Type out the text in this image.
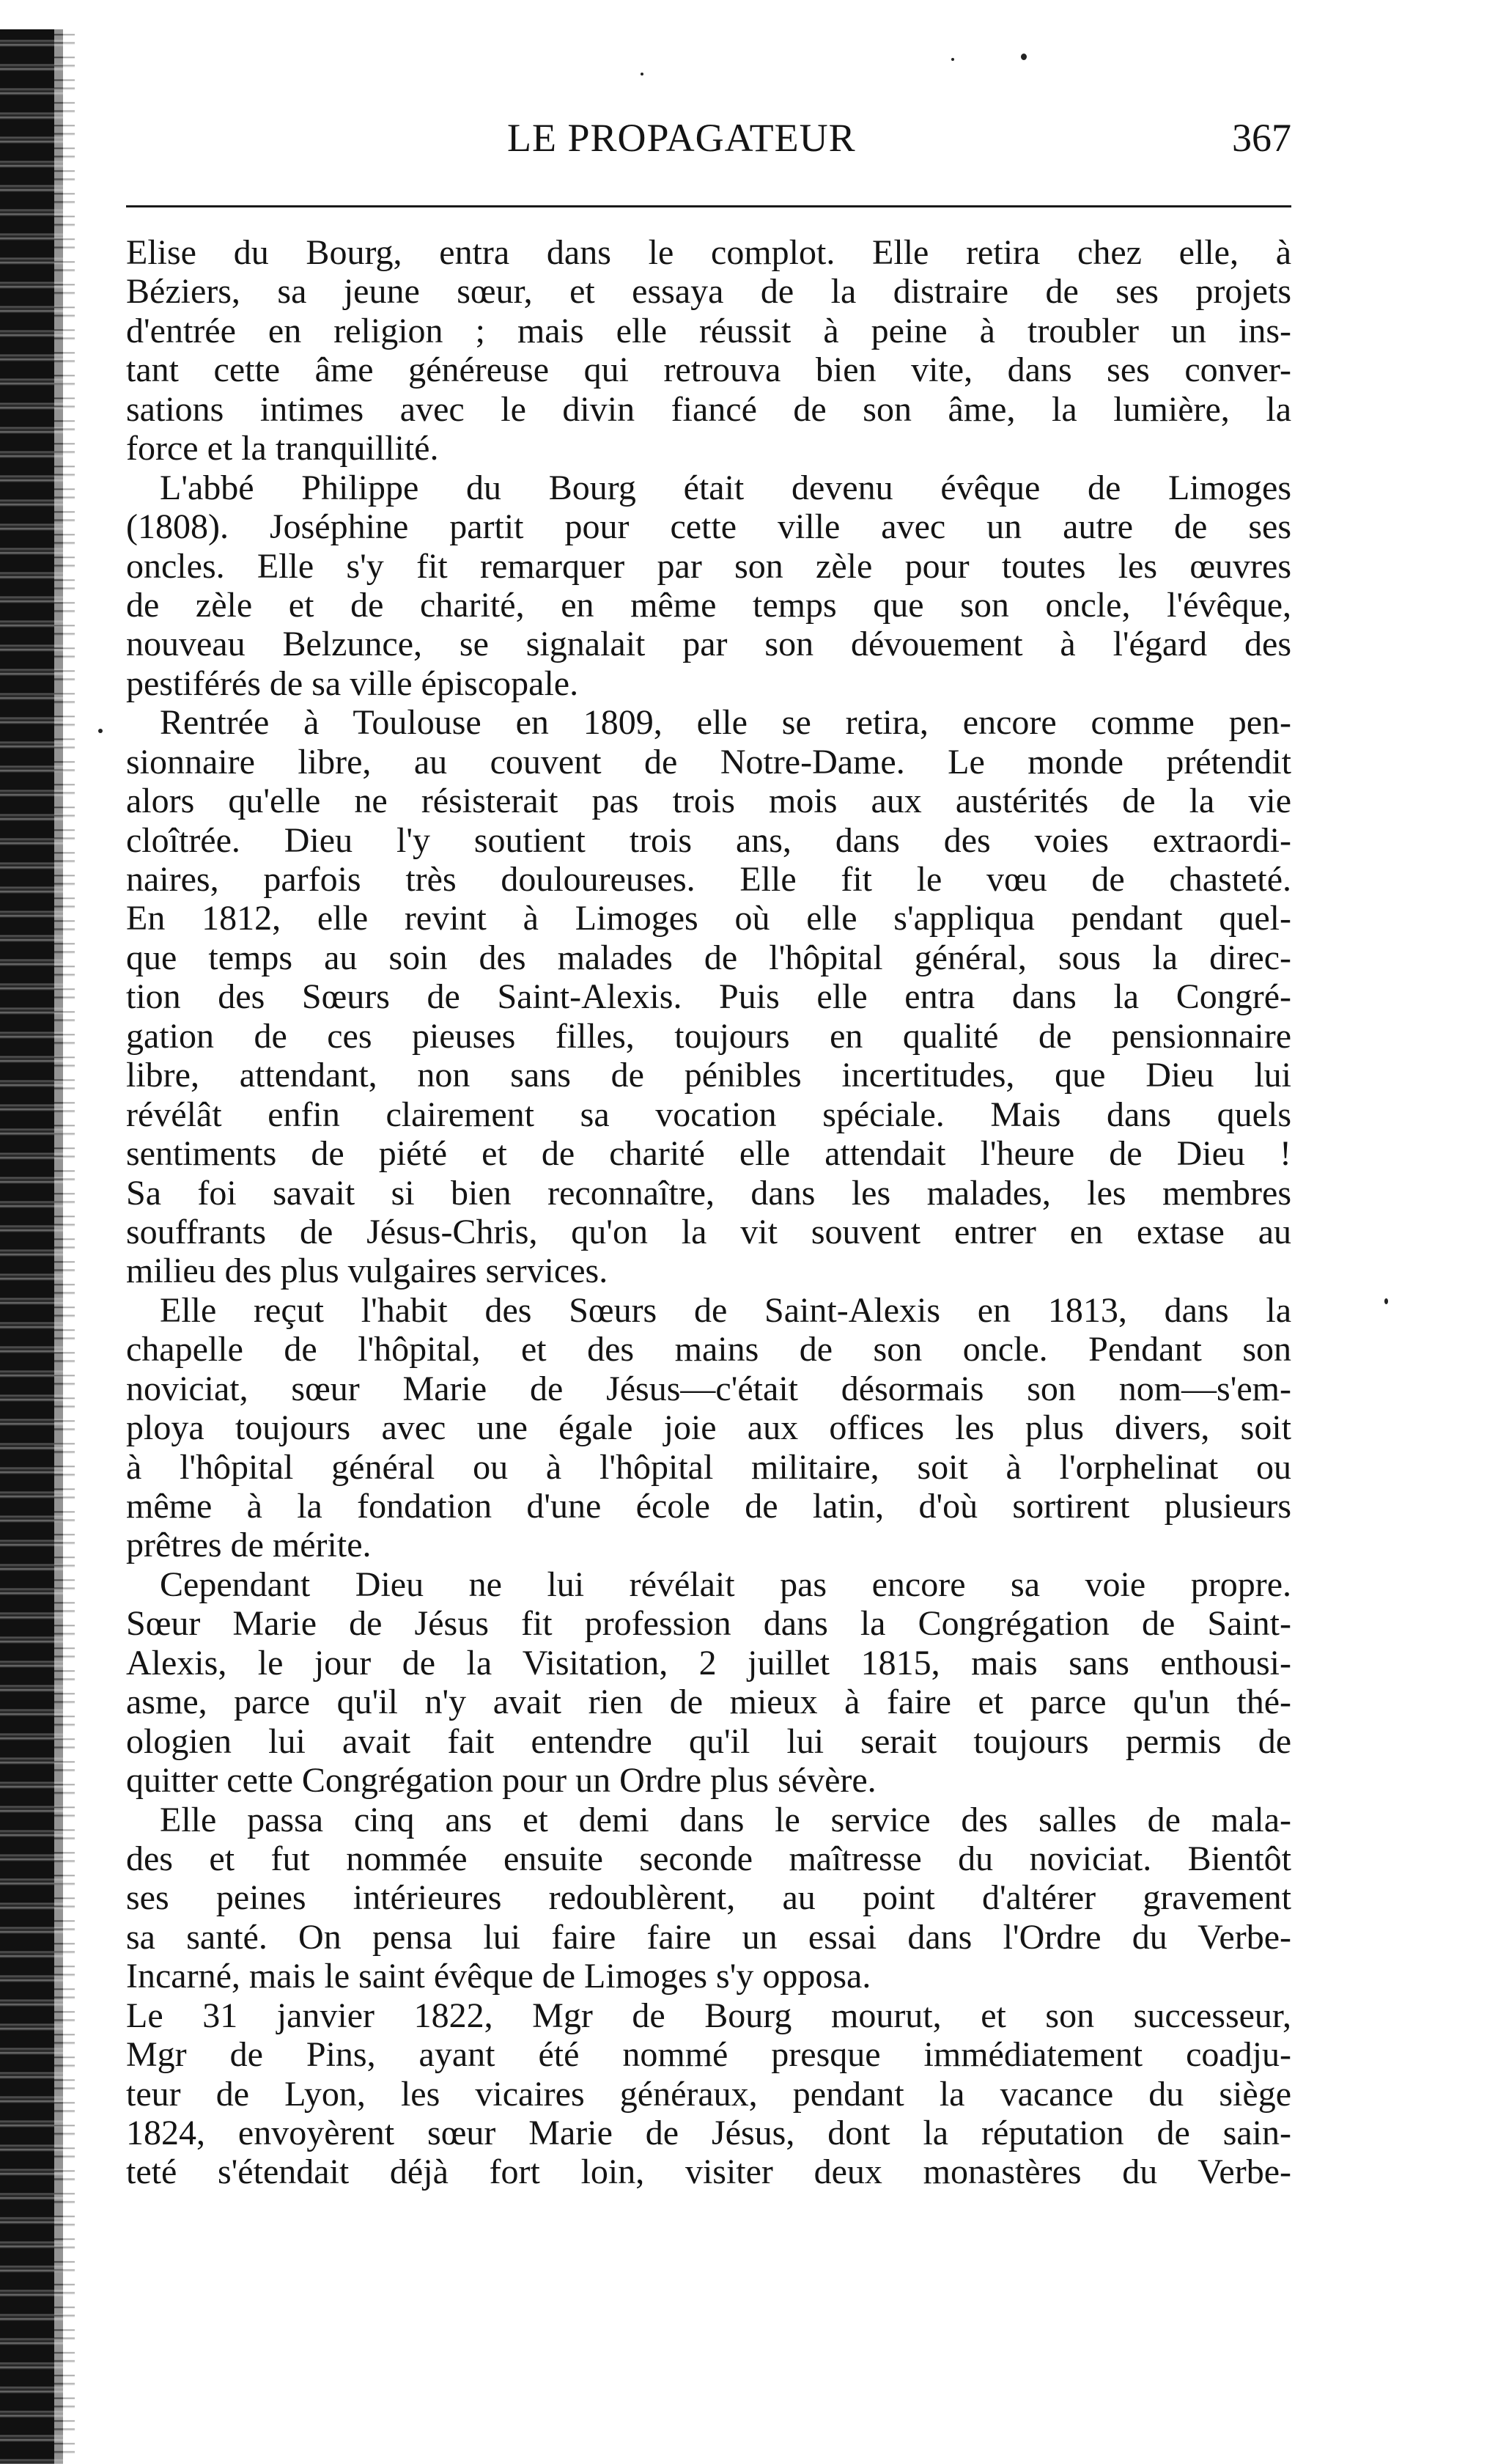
LE PROPAGATEUR	367
Elise du Bourg, entra dans le complot. Elle retira chez elle, à
Béziers, sa jeune sœur, et essaya de la distraire de ses projets
d'entrée en religion ; mais elle réussit à peine à troubler un ins-
tant cette âme généreuse qui retrouva bien vite, dans ses conver-
sations intimes avec le divin fiancé de son âme, la lumière, la
force et la tranquillité.
L'abbé Philippe du Bourg était devenu évêque de Limoges
(1808). Joséphine partit pour cette ville avec un autre de ses
oncles. Elle s'y fit remarquer par son zèle pour toutes les œuvres
de zèle et de charité, en même temps que son oncle, l'évêque,
nouveau Belzunce, se signalait par son dévouement à l'égard des
pestiférés de sa ville épiscopale.
Rentrée à Toulouse en 1809, elle se retira, encore comme pen-
sionnaire libre, au couvent de Notre-Dame. Le monde prétendit
alors qu'elle ne résisterait pas trois mois aux austérités de la vie
cloîtrée. Dieu l'y soutient trois ans, dans des voies extraordi-
naires, parfois très douloureuses. Elle fit le vœu de chasteté.
En 1812, elle revint à Limoges où elle s'appliqua pendant quel-
que temps au soin des malades de l'hôpital général, sous la direc-
tion des Sœurs de Saint-Alexis. Puis elle entra dans la Congré-
gation de ces pieuses filles, toujours en qualité de pensionnaire
libre, attendant, non sans de pénibles incertitudes, que Dieu lui
révélât enfin clairement sa vocation spéciale. Mais dans quels
sentiments de piété et de charité elle attendait l'heure de Dieu !
Sa foi savait si bien reconnaître, dans les malades, les membres
souffrants de Jésus-Chris, qu'on la vit souvent entrer en extase au
milieu des plus vulgaires services.
Elle reçut l'habit des Sœurs de Saint-Alexis en 1813, dans la
chapelle de l'hôpital, et des mains de son oncle. Pendant son
noviciat, sœur Marie de Jésus—c'était désormais son nom—s'em-
ploya toujours avec une égale joie aux offices les plus divers, soit
à l'hôpital général ou à l'hôpital militaire, soit à l'orphelinat ou
même à la fondation d'une école de latin, d'où sortirent plusieurs
prêtres de mérite.
Cependant Dieu ne lui révélait pas encore sa voie propre.
Sœur Marie de Jésus fit profession dans la Congrégation de Saint-
Alexis, le jour de la Visitation, 2 juillet 1815, mais sans enthousi-
asme, parce qu'il n'y avait rien de mieux à faire et parce qu'un thé-
ologien lui avait fait entendre qu'il lui serait toujours permis de
quitter cette Congrégation pour un Ordre plus sévère.
Elle passa cinq ans et demi dans le service des salles de mala-
des et fut nommée ensuite seconde maîtresse du noviciat. Bientôt
ses peines intérieures redoublèrent, au point d'altérer gravement
sa santé. On pensa lui faire faire un essai dans l'Ordre du Verbe-
Incarné, mais le saint évêque de Limoges s'y opposa.
Le 31 janvier 1822, Mgr de Bourg mourut, et son successeur,
Mgr de Pins, ayant été nommé presque immédiatement coadju-
teur de Lyon, les vicaires généraux, pendant la vacance du siège
1824, envoyèrent sœur Marie de Jésus, dont la réputation de sain-
teté s'étendait déjà fort loin, visiter deux monastères du Verbe-
